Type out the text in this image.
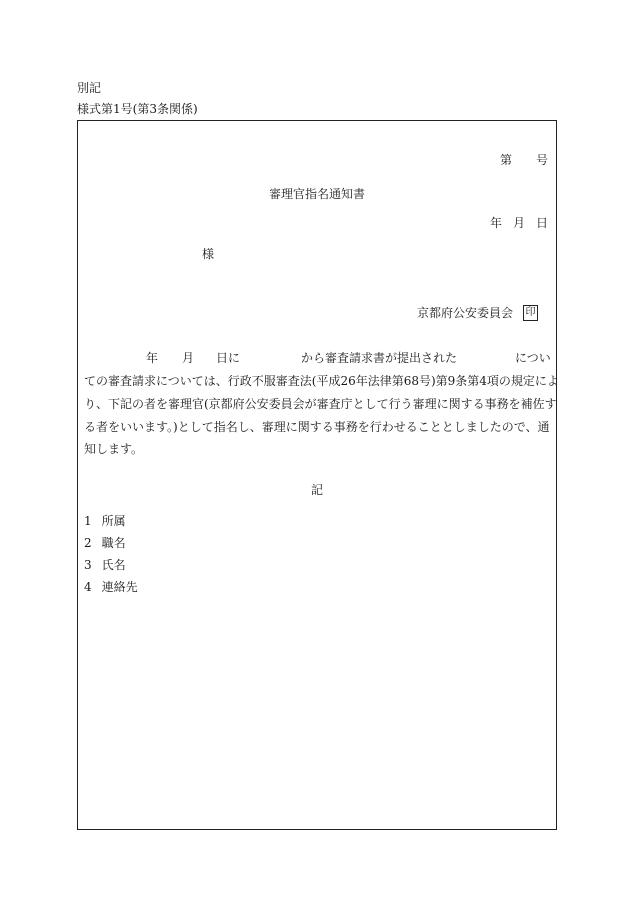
別記
様式第1号(第3条関係)
第 号
審理官指名通知書
年 月 日
様
京都府公安委員会 印
年 月 日に	から審査請求書が提出された	につい
ての審査請求については、行政不服審査法(平成26年法律第68号)第9条第4項の規定によ
り、下記の者を審理官(京都府公安委員会が審査庁として行う審理に関する事務を補佐す
る者をいいます。)として指名し、審理に関する事務を行わせることとしましたので、通
知します。
記
1 所属
2 職名
3 氏名
4 連絡先
